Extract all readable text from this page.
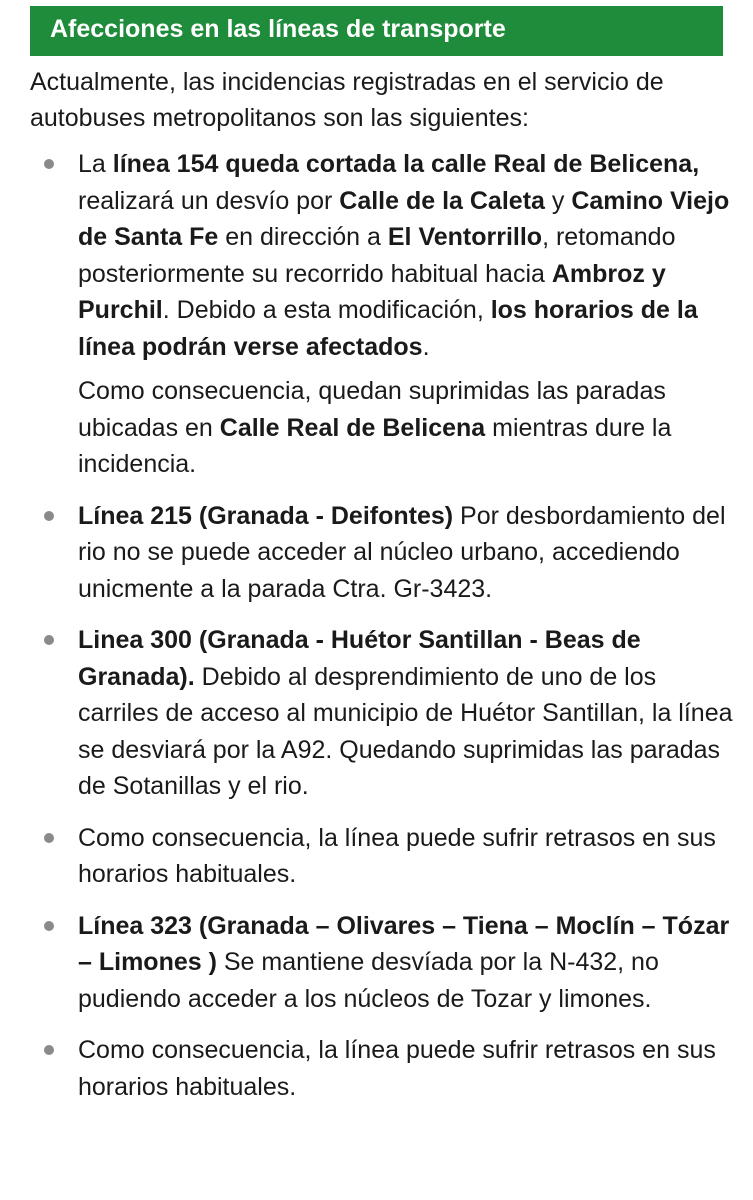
Afecciones en las líneas de transporte

Actualmente, las incidencias registradas en el servicio de autobuses metropolitanos son las siguientes:

La línea 154 queda cortada la calle Real de Belicena, realizará un desvío por Calle de la Caleta y Camino Viejo de Santa Fe en dirección a El Ventorrillo, retomando posteriormente su recorrido habitual hacia Ambroz y Purchil. Debido a esta modificación, los horarios de la línea podrán verse afectados.

Como consecuencia, quedan suprimidas las paradas ubicadas en Calle Real de Belicena mientras dure la incidencia.

Línea 215 (Granada - Deifontes) Por desbordamiento del rio no se puede acceder al núcleo urbano, accediendo unicmente a la parada Ctra. Gr-3423.

Linea 300 (Granada - Huétor Santillan - Beas de Granada). Debido al desprendimiento de uno de los carriles de acceso al municipio de Huétor Santillan, la línea se desviará por la A92. Quedando suprimidas las paradas de Sotanillas y el rio.

Como consecuencia, la línea puede sufrir retrasos en sus horarios habituales.

Línea 323 (Granada – Olivares – Tiena – Moclín – Tózar – Limones ) Se mantiene desvíada por la N-432, no pudiendo acceder a los núcleos de Tozar y limones.

Como consecuencia, la línea puede sufrir retrasos en sus horarios habituales.
